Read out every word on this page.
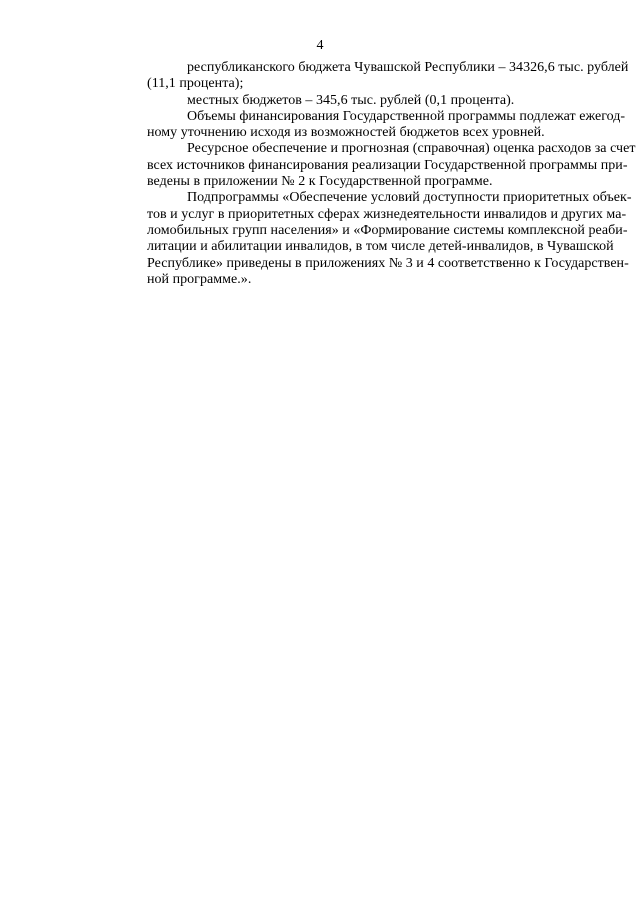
4
республиканского бюджета Чувашской Республики – 34326,6 тыс. рублей
(11,1 процента);
местных бюджетов – 345,6 тыс. рублей (0,1 процента).
Объемы финансирования Государственной программы подлежат ежегод-
ному уточнению исходя из возможностей бюджетов всех уровней.
Ресурсное обеспечение и прогнозная (справочная) оценка расходов за счет
всех источников финансирования реализации Государственной программы при-
ведены в приложении № 2 к Государственной программе.
Подпрограммы «Обеспечение условий доступности приоритетных объек-
тов и услуг в приоритетных сферах жизнедеятельности инвалидов и других ма-
ломобильных групп населения» и «Формирование системы комплексной реаби-
литации и абилитации инвалидов, в том числе детей-инвалидов, в Чувашской
Республике» приведены в приложениях № 3 и 4 соответственно к Государствен-
ной программе.».
